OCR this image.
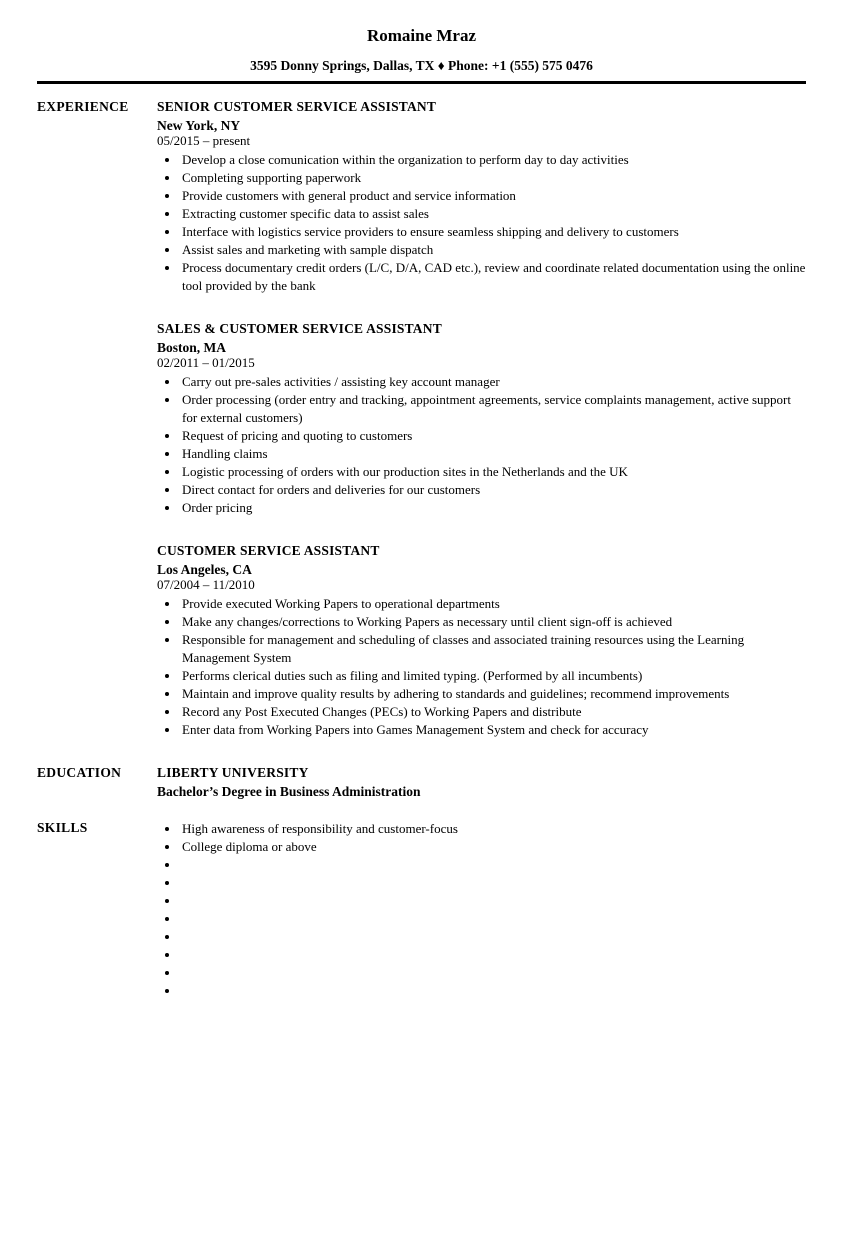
Romaine Mraz
3595 Donny Springs, Dallas, TX ♦ Phone: +1 (555) 575 0476
EXPERIENCE	SENIOR CUSTOMER SERVICE ASSISTANT
New York, NY
05/2015 – present
• Develop a close comunication within the organization to perform day to day activities
• Completing supporting paperwork
• Provide customers with general product and service information
• Extracting customer specific data to assist sales
• Interface with logistics service providers to ensure seamless shipping and delivery to customers
• Assist sales and marketing with sample dispatch
• Process documentary credit orders (L/C, D/A, CAD etc.), review and coordinate related documentation using the online tool provided by the bank
SALES & CUSTOMER SERVICE ASSISTANT
Boston, MA
02/2011 – 01/2015
• Carry out pre-sales activities / assisting key account manager
• Order processing (order entry and tracking, appointment agreements, service complaints management, active support for external customers)
• Request of pricing and quoting to customers
• Handling claims
• Logistic processing of orders with our production sites in the Netherlands and the UK
• Direct contact for orders and deliveries for our customers
• Order pricing
CUSTOMER SERVICE ASSISTANT
Los Angeles, CA
07/2004 – 11/2010
• Provide executed Working Papers to operational departments
• Make any changes/corrections to Working Papers as necessary until client sign-off is achieved
• Responsible for management and scheduling of classes and associated training resources using the Learning Management System
• Performs clerical duties such as filing and limited typing. (Performed by all incumbents)
• Maintain and improve quality results by adhering to standards and guidelines; recommend improvements
• Record any Post Executed Changes (PECs) to Working Papers and distribute
• Enter data from Working Papers into Games Management System and check for accuracy
EDUCATION	LIBERTY UNIVERSITY
Bachelor’s Degree in Business Administration
SKILLS	• High awareness of responsibility and customer-focus
• College diploma or above
•
•
•
•
•
•
•
•
